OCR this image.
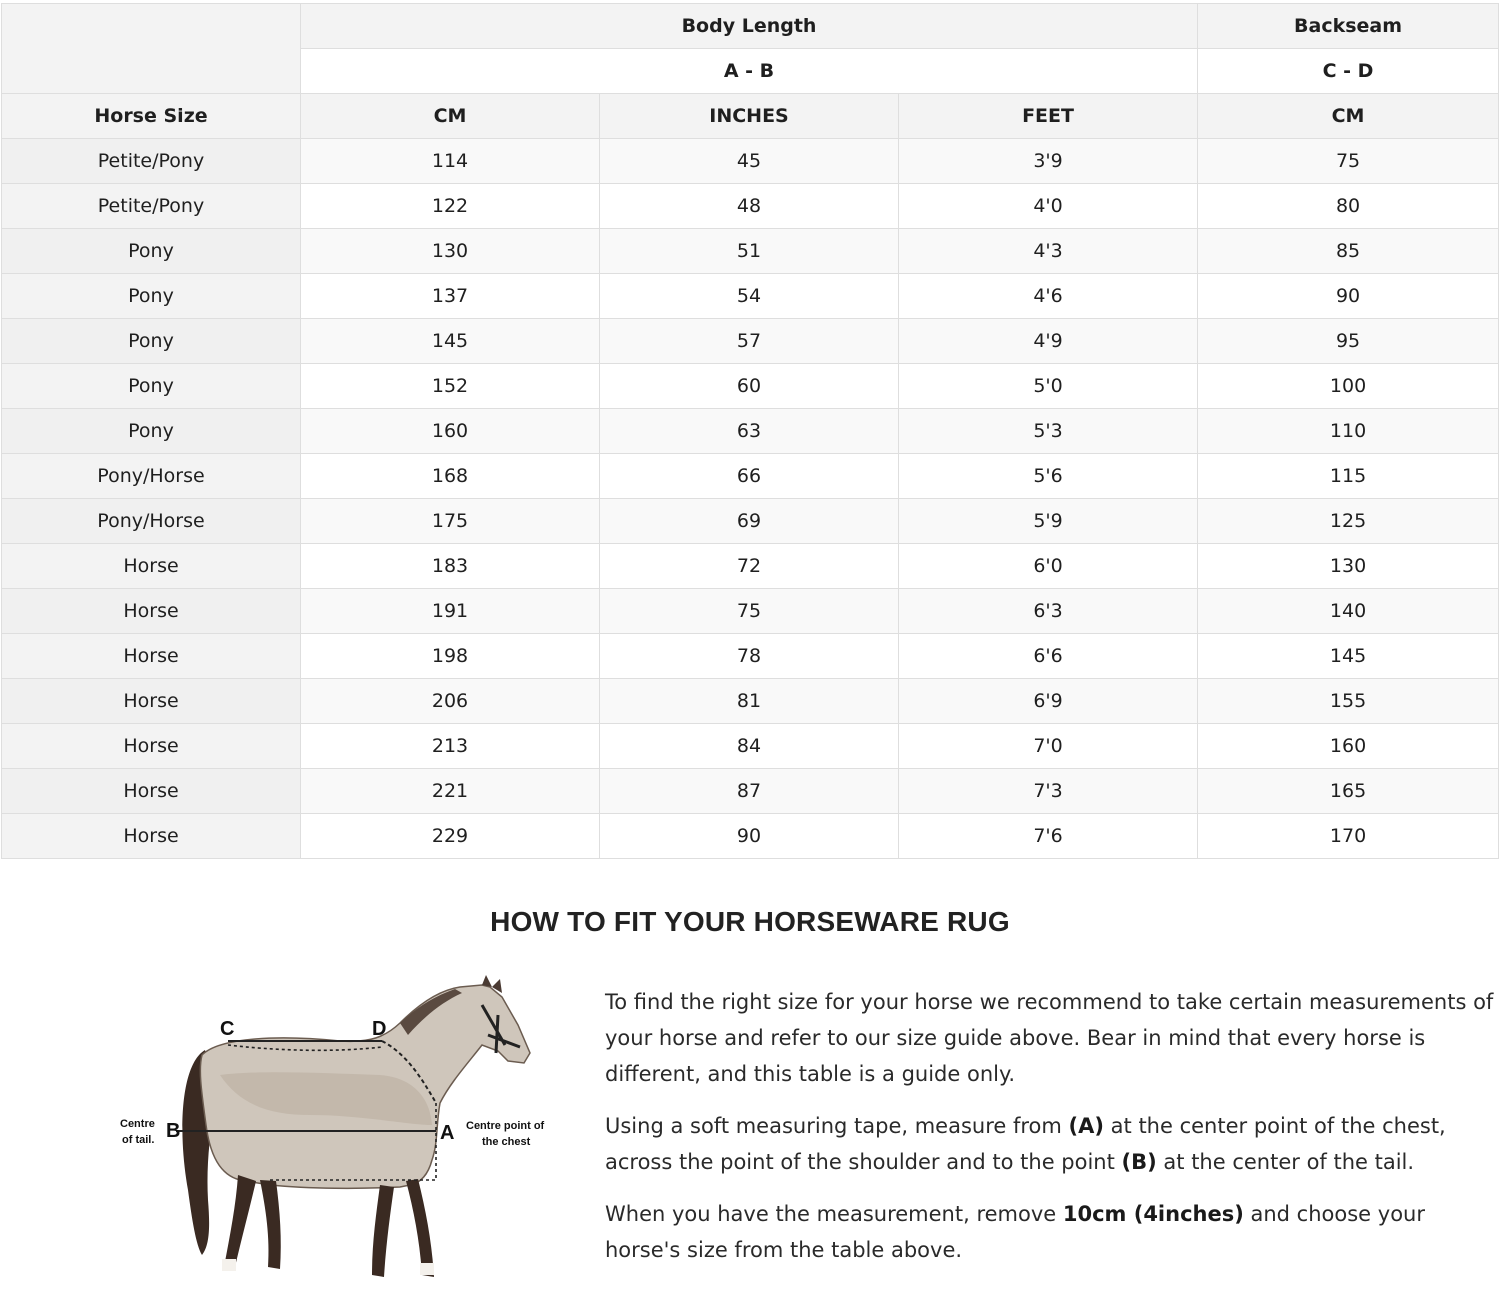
	Body Length			Backseam
	A - B			C - D
Horse Size	CM	INCHES	FEET	CM
Petite/Pony	114	45	3'9	75
Petite/Pony	122	48	4'0	80
Pony	130	51	4'3	85
Pony	137	54	4'6	90
Pony	145	57	4'9	95
Pony	152	60	5'0	100
Pony	160	63	5'3	110
Pony/Horse	168	66	5'6	115
Pony/Horse	175	69	5'9	125
Horse	183	72	6'0	130
Horse	191	75	6'3	140
Horse	198	78	6'6	145
Horse	206	81	6'9	155
Horse	213	84	7'0	160
Horse	221	87	7'3	165
Horse	229	90	7'6	170
HOW TO FIT YOUR HORSEWARE RUG
C	D
A
B
Centre
of tail.
Centre point of
the chest

To find the right size for your horse we recommend to take certain measurements of your horse and refer to our size guide above. Bear in mind that every horse is different, and this table is a guide only.

Using a soft measuring tape, measure from (A) at the center point of the chest, across the point of the shoulder and to the point (B) at the center of the tail.

When you have the measurement, remove 10cm (4inches) and choose your horse's size from the table above.
